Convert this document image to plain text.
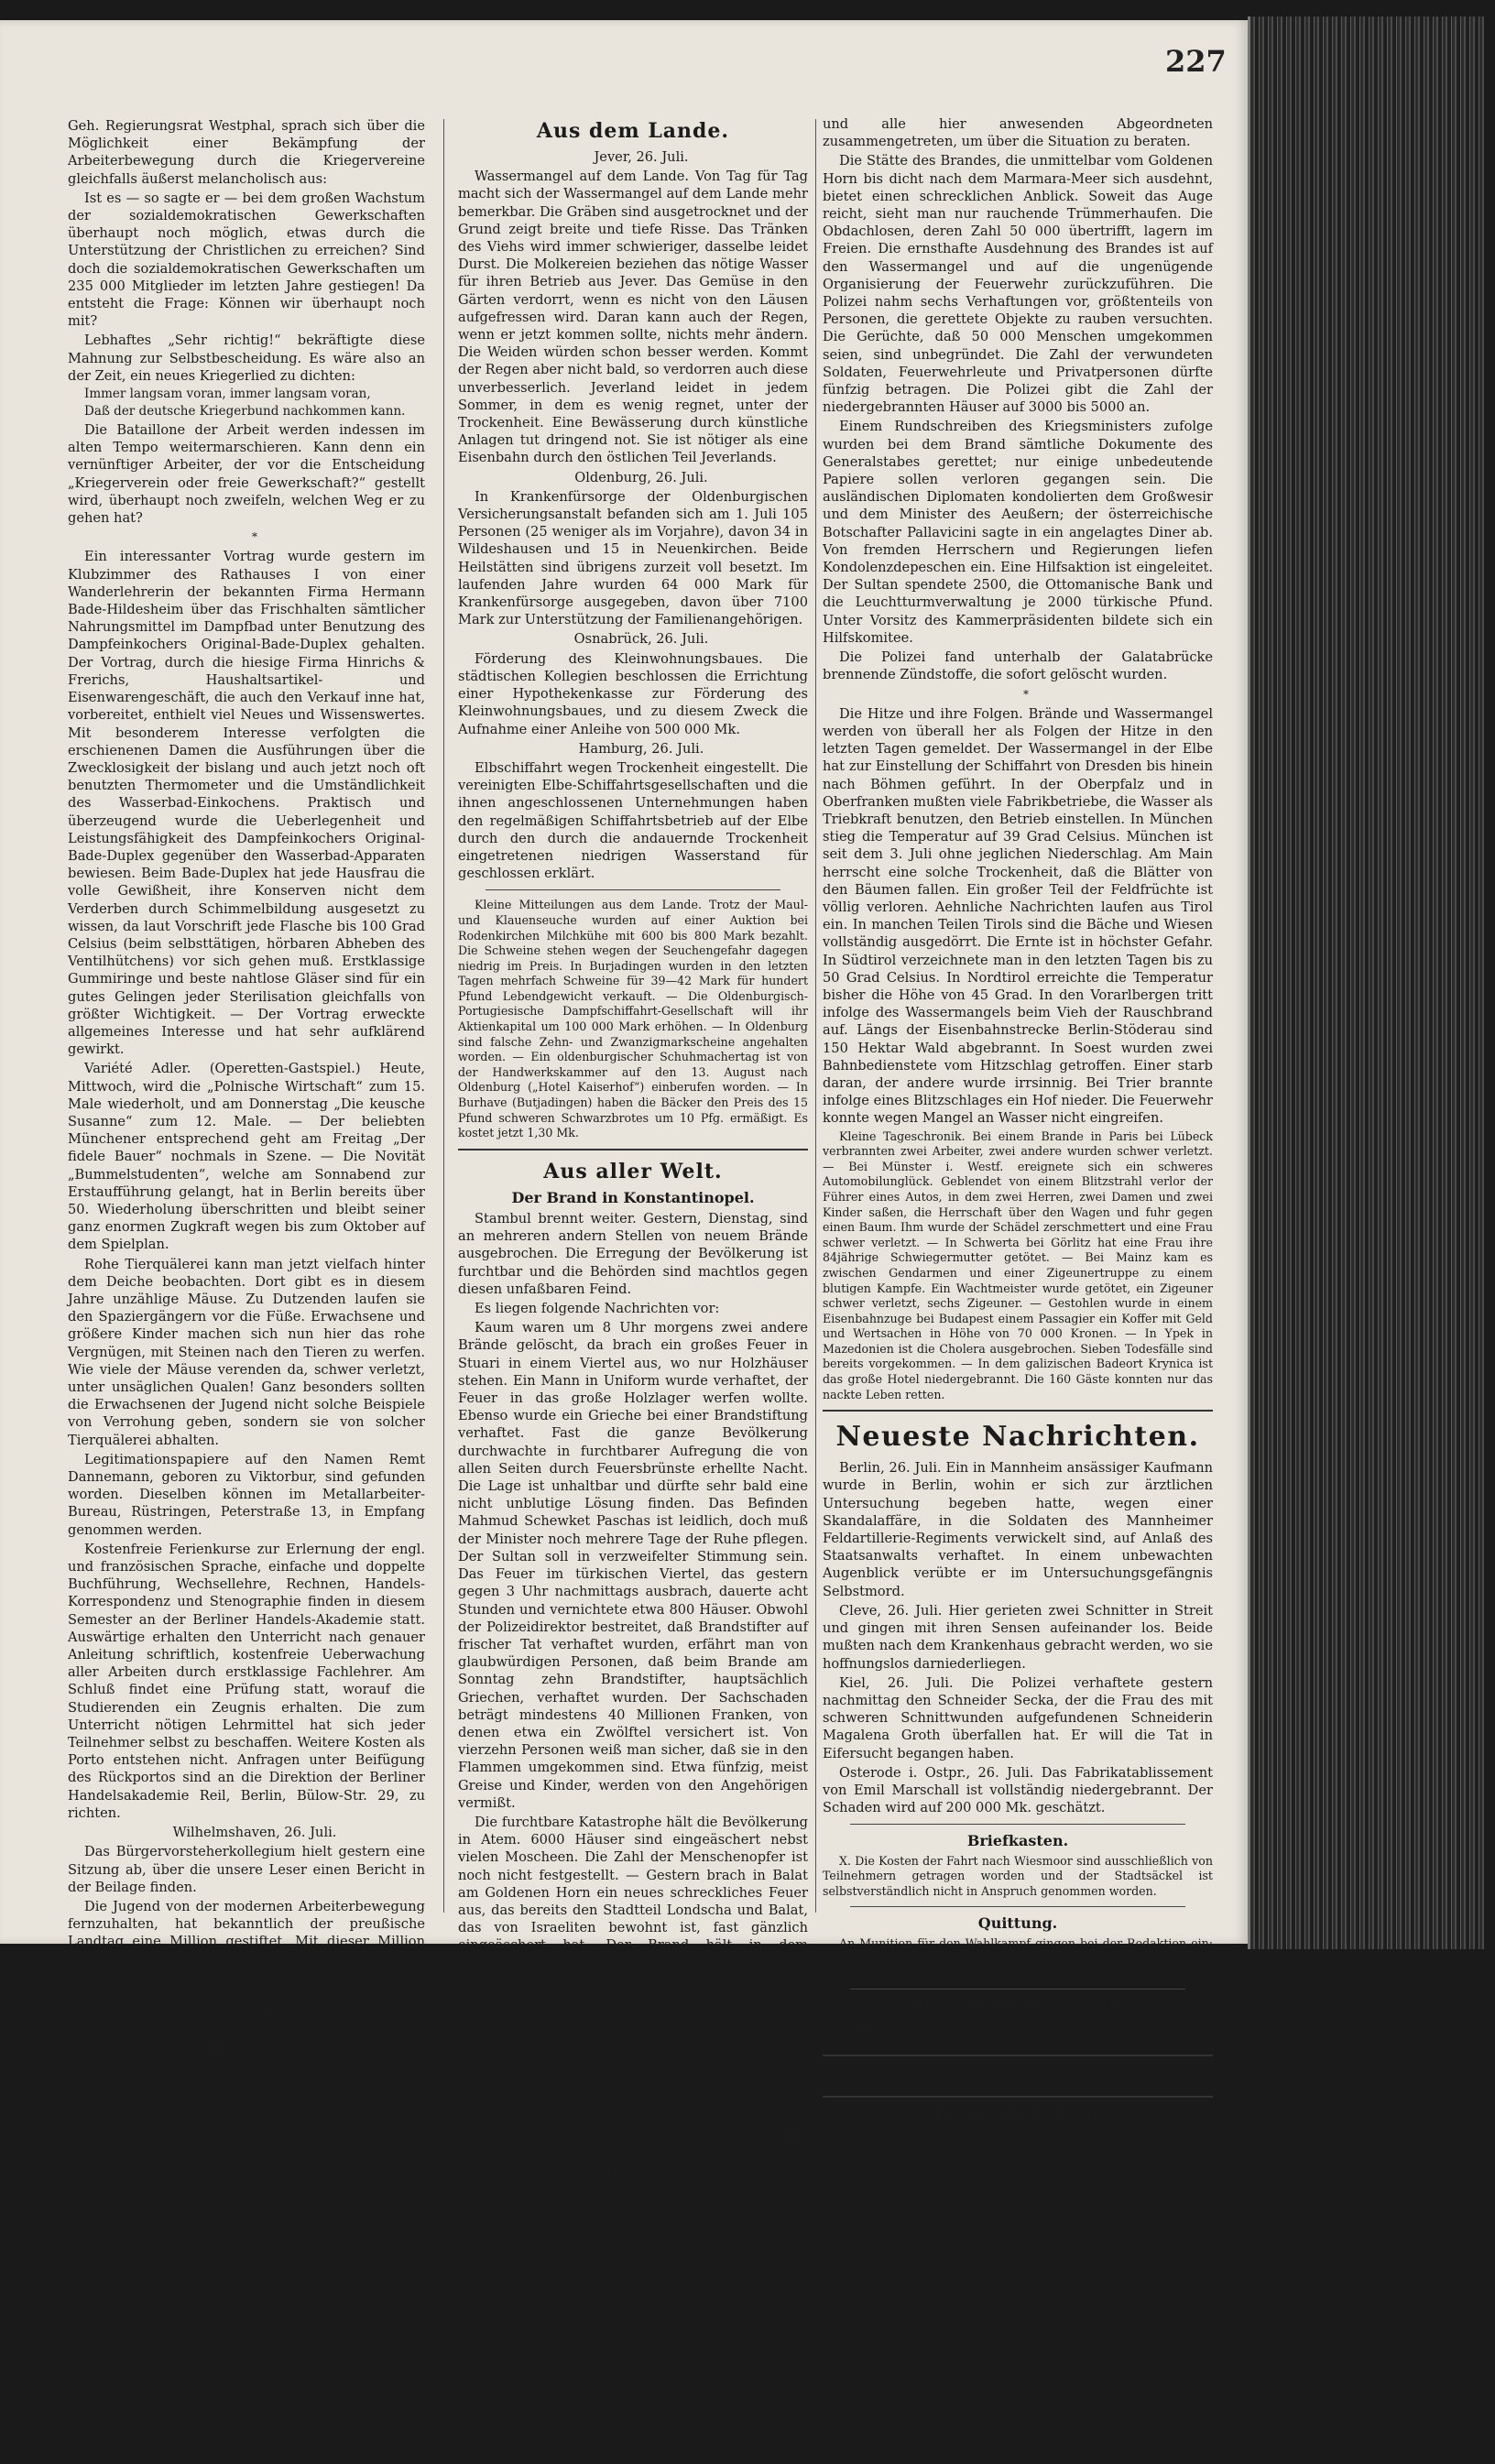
227

Geh. Regierungsrat Westphal, sprach sich über die Möglichkeit einer Bekämpfung der Arbeiterbewegung durch die Kriegervereine gleichfalls äußerst melancholisch aus:

Ist es — so sagte er — bei dem großen Wachstum der sozialdemokratischen Gewerkschaften überhaupt noch möglich, etwas durch die Unterstützung der Christlichen zu erreichen? Sind doch die sozialdemokratischen Gewerkschaften um 235 000 Mitglieder im letzten Jahre gestiegen! Da entsteht die Frage: Können wir überhaupt noch mit?

Lebhaftes „Sehr richtig!“ bekräftigte diese Mahnung zur Selbstbescheidung. Es wäre also an der Zeit, ein neues Kriegerlied zu dichten:

Immer langsam voran, immer langsam voran,

Daß der deutsche Kriegerbund nachkommen kann.

Die Bataillone der Arbeit werden indessen im alten Tempo weitermarschieren. Kann denn ein vernünftiger Arbeiter, der vor die Entscheidung „Kriegerverein oder freie Gewerkschaft?“ gestellt wird, überhaupt noch zweifeln, welchen Weg er zu gehen hat?

*

Ein interessanter Vortrag wurde gestern im Klubzimmer des Rathauses I von einer Wanderlehrerin der bekannten Firma Hermann Bade-Hildesheim über das Frischhalten sämtlicher Nahrungsmittel im Dampfbad unter Benutzung des Dampfeinkochers Original-Bade-Duplex gehalten. Der Vortrag, durch die hiesige Firma Hinrichs & Frerichs, Haushaltsartikel- und Eisenwarengeschäft, die auch den Verkauf inne hat, vorbereitet, enthielt viel Neues und Wissenswertes. Mit besonderem Interesse verfolgten die erschienenen Damen die Ausführungen über die Zwecklosigkeit der bislang und auch jetzt noch oft benutzten Thermometer und die Umständlichkeit des Wasserbad-Einkochens. Praktisch und überzeugend wurde die Ueberlegenheit und Leistungsfähigkeit des Dampfeinkochers Original-Bade-Duplex gegenüber den Wasserbad-Apparaten bewiesen. Beim Bade-Duplex hat jede Hausfrau die volle Gewißheit, ihre Konserven nicht dem Verderben durch Schimmelbildung ausgesetzt zu wissen, da laut Vorschrift jede Flasche bis 100 Grad Celsius (beim selbsttätigen, hörbaren Abheben des Ventilhütchens) vor sich gehen muß. Erstklassige Gummiringe und beste nahtlose Gläser sind für ein gutes Gelingen jeder Sterilisation gleichfalls von größter Wichtigkeit. — Der Vortrag erweckte allgemeines Interesse und hat sehr aufklärend gewirkt.

Variété Adler. (Operetten-Gastspiel.) Heute, Mittwoch, wird die „Polnische Wirtschaft“ zum 15. Male wiederholt, und am Donnerstag „Die keusche Susanne“ zum 12. Male. — Der beliebten Münchener entsprechend geht am Freitag „Der fidele Bauer“ nochmals in Szene. — Die Novität „Bummelstudenten“, welche am Sonnabend zur Erstaufführung gelangt, hat in Berlin bereits über 50. Wiederholung überschritten und bleibt seiner ganz enormen Zugkraft wegen bis zum Oktober auf dem Spielplan.

Rohe Tierquälerei kann man jetzt vielfach hinter dem Deiche beobachten. Dort gibt es in diesem Jahre unzählige Mäuse. Zu Dutzenden laufen sie den Spaziergängern vor die Füße. Erwachsene und größere Kinder machen sich nun hier das rohe Vergnügen, mit Steinen nach den Tieren zu werfen. Wie viele der Mäuse verenden da, schwer verletzt, unter unsäglichen Qualen! Ganz besonders sollten die Erwachsenen der Jugend nicht solche Beispiele von Verrohung geben, sondern sie von solcher Tierquälerei abhalten.

Legitimationspapiere auf den Namen Remt Dannemann, geboren zu Viktorbur, sind gefunden worden. Dieselben können im Metallarbeiter-Bureau, Rüstringen, Peterstraße 13, in Empfang genommen werden.

Kostenfreie Ferienkurse zur Erlernung der engl. und französischen Sprache, einfache und doppelte Buchführung, Wechsellehre, Rechnen, Handels-Korrespondenz und Stenographie finden in diesem Semester an der Berliner Handels-Akademie statt. Auswärtige erhalten den Unterricht nach genauer Anleitung schriftlich, kostenfreie Ueberwachung aller Arbeiten durch erstklassige Fachlehrer. Am Schluß findet eine Prüfung statt, worauf die Studierenden ein Zeugnis erhalten. Die zum Unterricht nötigen Lehrmittel hat sich jeder Teilnehmer selbst zu beschaffen. Weitere Kosten als Porto entstehen nicht. Anfragen unter Beifügung des Rückportos sind an die Direktion der Berliner Handelsakademie Reil, Berlin, Bülow-Str. 29, zu richten.

Wilhelmshaven, 26. Juli.

Das Bürgervorsteherkollegium hielt gestern eine Sitzung ab, über die unsere Leser einen Bericht in der Beilage finden.

Die Jugend von der modernen Arbeiterbewegung fernzuhalten, hat bekanntlich der preußische Landtag eine Million gestiftet. Mit dieser Million soll die „Jugendpflege“ einheitlich organisiert werden. Die Organisation ist so gedacht: An den einzelnen Orten bilden sich Ortsausschüsse, die wieder im Kreisausschuß Hand in Hand gehen. Darüber steht der Bezirksausschuß für den ganzen Regierungsbezirk. Auf den Regierungsbezirk Aurich entfallen von der Million 7500 Mk. Um diese Summe mit vermöblen zu helfen, waren hier am Montag die Vereine, welche Jugendpflege betreiben, vom Bürgermeister nach dem Rathaussitzungssaale berufen worden. Es wurde auch ein Ortsausschuß gegründet. — Wir können hier wahrlich nicht über Mangel an Jugendpflege klagen.

Der vom Turm der katholischen Kirche gestürzte Dachdecker hat glücklicherweise sein Leben nicht eingebüßt, sondern er ist wieder zu sich gekommen und befindet sich aller Voraussicht nach außer Lebensgefahr.

20 000 Mark für erfinderische Eisenbahnbeamte. Nach dem soeben erschienenen Bericht haben für das abgelaufene Rechnungsjahr aus den im Etat der preußischen Staatsbahnverwaltung bereitgestellten Mitteln, die für nützliche Erfindungen von Eisenbahnbeamten vorgesehen sind, 52 Beamte und Arbeiter der Staatsbahnverwaltung Belohnungen im Gesamtwerte von 20 000 Mark für Erfindungen und Verbesserungen, die zur Erhöhung der Betriebssicherheit oder Wirtschaftlichkeit beitragen, erhalten.

Aus dem Lande.

Jever, 26. Juli.

Wassermangel auf dem Lande. Von Tag für Tag macht sich der Wassermangel auf dem Lande mehr bemerkbar. Die Gräben sind ausgetrocknet und der Grund zeigt breite und tiefe Risse. Das Tränken des Viehs wird immer schwieriger, dasselbe leidet Durst. Die Molkereien beziehen das nötige Wasser für ihren Betrieb aus Jever. Das Gemüse in den Gärten verdorrt, wenn es nicht von den Läusen aufgefressen wird. Daran kann auch der Regen, wenn er jetzt kommen sollte, nichts mehr ändern. Die Weiden würden schon besser werden. Kommt der Regen aber nicht bald, so verdorren auch diese unverbesserlich. Jeverland leidet in jedem Sommer, in dem es wenig regnet, unter der Trockenheit. Eine Bewässerung durch künstliche Anlagen tut dringend not. Sie ist nötiger als eine Eisenbahn durch den östlichen Teil Jeverlands.

Oldenburg, 26. Juli.

In Krankenfürsorge der Oldenburgischen Versicherungsanstalt befanden sich am 1. Juli 105 Personen (25 weniger als im Vorjahre), davon 34 in Wildeshausen und 15 in Neuenkirchen. Beide Heilstätten sind übrigens zurzeit voll besetzt. Im laufenden Jahre wurden 64 000 Mark für Krankenfürsorge ausgegeben, davon über 7100 Mark zur Unterstützung der Familienangehörigen.

Osnabrück, 26. Juli.

Förderung des Kleinwohnungsbaues. Die städtischen Kollegien beschlossen die Errichtung einer Hypothekenkasse zur Förderung des Kleinwohnungsbaues, und zu diesem Zweck die Aufnahme einer Anleihe von 500 000 Mk.

Hamburg, 26. Juli.

Elbschiffahrt wegen Trockenheit eingestellt. Die vereinigten Elbe-Schiffahrtsgesellschaften und die ihnen angeschlossenen Unternehmungen haben den regelmäßigen Schiffahrtsbetrieb auf der Elbe durch den durch die andauernde Trockenheit eingetretenen niedrigen Wasserstand für geschlossen erklärt.

Kleine Mitteilungen aus dem Lande. Trotz der Maul- und Klauenseuche wurden auf einer Auktion bei Rodenkirchen Milchkühe mit 600 bis 800 Mark bezahlt. Die Schweine stehen wegen der Seuchengefahr dagegen niedrig im Preis. In Burjadingen wurden in den letzten Tagen mehrfach Schweine für 39—42 Mark für hundert Pfund Lebendgewicht verkauft. — Die Oldenburgisch-Portugiesische Dampfschiffahrt-Gesellschaft will ihr Aktienkapital um 100 000 Mark erhöhen. — In Oldenburg sind falsche Zehn- und Zwanzigmarkscheine angehalten worden. — Ein oldenburgischer Schuhmachertag ist von der Handwerkskammer auf den 13. August nach Oldenburg („Hotel Kaiserhof“) einberufen worden. — In Burhave (Butjadingen) haben die Bäcker den Preis des 15 Pfund schweren Schwarzbrotes um 10 Pfg. ermäßigt. Es kostet jetzt 1,30 Mk.

Aus aller Welt.
Der Brand in Konstantinopel.

Stambul brennt weiter. Gestern, Dienstag, sind an mehreren andern Stellen von neuem Brände ausgebrochen. Die Erregung der Bevölkerung ist furchtbar und die Behörden sind machtlos gegen diesen unfaßbaren Feind.

Es liegen folgende Nachrichten vor:

Kaum waren um 8 Uhr morgens zwei andere Brände gelöscht, da brach ein großes Feuer in Stuari in einem Viertel aus, wo nur Holzhäuser stehen. Ein Mann in Uniform wurde verhaftet, der Feuer in das große Holzlager werfen wollte. Ebenso wurde ein Grieche bei einer Brandstiftung verhaftet. Fast die ganze Bevölkerung durchwachte in furchtbarer Aufregung die von allen Seiten durch Feuersbrünste erhellte Nacht. Die Lage ist unhaltbar und dürfte sehr bald eine nicht unblutige Lösung finden. Das Befinden Mahmud Schewket Paschas ist leidlich, doch muß der Minister noch mehrere Tage der Ruhe pflegen. Der Sultan soll in verzweifelter Stimmung sein. Das Feuer im türkischen Viertel, das gestern gegen 3 Uhr nachmittags ausbrach, dauerte acht Stunden und vernichtete etwa 800 Häuser. Obwohl der Polizeidirektor bestreitet, daß Brandstifter auf frischer Tat verhaftet wurden, erfährt man von glaubwürdigen Personen, daß beim Brande am Sonntag zehn Brandstifter, hauptsächlich Griechen, verhaftet wurden. Der Sachschaden beträgt mindestens 40 Millionen Franken, von denen etwa ein Zwölftel versichert ist. Von vierzehn Personen weiß man sicher, daß sie in den Flammen umgekommen sind. Etwa fünfzig, meist Greise und Kinder, werden von den Angehörigen vermißt.

Die furchtbare Katastrophe hält die Bevölkerung in Atem. 6000 Häuser sind eingeäschert nebst vielen Moscheen. Die Zahl der Menschenopfer ist noch nicht festgestellt. — Gestern brach in Balat am Goldenen Horn ein neues schreckliches Feuer aus, das bereits den Stadtteil Londscha und Balat, das von Israeliten bewohnt ist, fast gänzlich eingeäschert hat. Der Brand hält in dem Kirchenviertel an und scheint noch furchtbarere Dimensionen anzunehmen als der vorgestrige Brand. Das Feuer steigt von Meer die Hügel hinauf bis zum Adrianopler Tor. Das Feuer schlägt die byzantinischen Mauern überschreitend in den dort befindlichen Friedhof mit seinem Zypressenwald. Die Ordnung in der Stadt wird durch die sogenannte Kavalleriepatrouillen hergestellt. Die Bevölkerung glaubt fest an Brandstiftung. Die Geschäftsinhaber in Galata schlossen schon gegen sechs Uhr die Läden aus Furcht vor Unruhen. Da die Regierung scheint solche zu fürchten, denn ein außerordentlicher Ministerrat beschloß die Verschärfung des Belagerungszustandes.

Das neue Großfeuer in Balat ist offenbar gleichfalls von verbrecherischer Hand angelegt, um eine auf die bisher verschonte Seite von Stambul zu vernichten. Ein starker Wind begünstigte das Umsichgreifen des Feuers. Die Regierung steht den Brandstiftungen machtlos gegenüber. Die Bevölkerung ist in kopfloser Aufregung. Schon werden Stimmen laut, die sich dabei, gegen das sich die Brandstiftungen richteten, müsse sich persönlich der Minister nach ihr geben. Eben sind im Parlament die Minister Stadt zu retten. Eben sind im Parlament die Minister

und alle hier anwesenden Abgeordneten zusammengetreten, um über die Situation zu beraten.

Die Stätte des Brandes, die unmittelbar vom Goldenen Horn bis dicht nach dem Marmara-Meer sich ausdehnt, bietet einen schrecklichen Anblick. Soweit das Auge reicht, sieht man nur rauchende Trümmerhaufen. Die Obdachlosen, deren Zahl 50 000 übertrifft, lagern im Freien. Die ernsthafte Ausdehnung des Brandes ist auf den Wassermangel und auf die ungenügende Organisierung der Feuerwehr zurückzuführen. Die Polizei nahm sechs Verhaftungen vor, größtenteils von Personen, die gerettete Objekte zu rauben versuchten. Die Gerüchte, daß 50 000 Menschen umgekommen seien, sind unbegründet. Die Zahl der verwundeten Soldaten, Feuerwehrleute und Privatpersonen dürfte fünfzig betragen. Die Polizei gibt die Zahl der niedergebrannten Häuser auf 3000 bis 5000 an.

Einem Rundschreiben des Kriegsministers zufolge wurden bei dem Brand sämtliche Dokumente des Generalstabes gerettet; nur einige unbedeutende Papiere sollen verloren gegangen sein. Die ausländischen Diplomaten kondolierten dem Großwesir und dem Minister des Aeußern; der österreichische Botschafter Pallavicini sagte in ein angelagtes Diner ab. Von fremden Herrschern und Regierungen liefen Kondolenzdepeschen ein. Eine Hilfsaktion ist eingeleitet. Der Sultan spendete 2500, die Ottomanische Bank und die Leuchtturmverwaltung je 2000 türkische Pfund. Unter Vorsitz des Kammerpräsidenten bildete sich ein Hilfskomitee.

Die Polizei fand unterhalb der Galatabrücke brennende Zündstoffe, die sofort gelöscht wurden.

*

Die Hitze und ihre Folgen. Brände und Wassermangel werden von überall her als Folgen der Hitze in den letzten Tagen gemeldet. Der Wassermangel in der Elbe hat zur Einstellung der Schiffahrt von Dresden bis hinein nach Böhmen geführt. In der Oberpfalz und in Oberfranken mußten viele Fabrikbetriebe, die Wasser als Triebkraft benutzen, den Betrieb einstellen. In München stieg die Temperatur auf 39 Grad Celsius. München ist seit dem 3. Juli ohne jeglichen Niederschlag. Am Main herrscht eine solche Trockenheit, daß die Blätter von den Bäumen fallen. Ein großer Teil der Feldfrüchte ist völlig verloren. Aehnliche Nachrichten laufen aus Tirol ein. In manchen Teilen Tirols sind die Bäche und Wiesen vollständig ausgedörrt. Die Ernte ist in höchster Gefahr. In Südtirol verzeichnete man in den letzten Tagen bis zu 50 Grad Celsius. In Nordtirol erreichte die Temperatur bisher die Höhe von 45 Grad. In den Vorarlbergen tritt infolge des Wassermangels beim Vieh der Rauschbrand auf. Längs der Eisenbahnstrecke Berlin-Stöderau sind 150 Hektar Wald abgebrannt. In Soest wurden zwei Bahnbedienstete vom Hitzschlag getroffen. Einer starb daran, der andere wurde irrsinnig. Bei Trier brannte infolge eines Blitzschlages ein Hof nieder. Die Feuerwehr konnte wegen Mangel an Wasser nicht eingreifen.

Kleine Tageschronik. Bei einem Brande in Paris bei Lübeck verbrannten zwei Arbeiter, zwei andere wurden schwer verletzt. — Bei Münster i. Westf. ereignete sich ein schweres Automobilunglück. Geblendet von einem Blitzstrahl verlor der Führer eines Autos, in dem zwei Herren, zwei Damen und zwei Kinder saßen, die Herrschaft über den Wagen und fuhr gegen einen Baum. Ihm wurde der Schädel zerschmettert und eine Frau schwer verletzt. — In Schwerta bei Görlitz hat eine Frau ihre 84jährige Schwiegermutter getötet. — Bei Mainz kam es zwischen Gendarmen und einer Zigeunertruppe zu einem blutigen Kampfe. Ein Wachtmeister wurde getötet, ein Zigeuner schwer verletzt, sechs Zigeuner. — Gestohlen wurde in einem Eisenbahnzuge bei Budapest einem Passagier ein Koffer mit Geld und Wertsachen in Höhe von 70 000 Kronen. — In Ypek in Mazedonien ist die Cholera ausgebrochen. Sieben Todesfälle sind bereits vorgekommen. — In dem galizischen Badeort Krynica ist das große Hotel niedergebrannt. Die 160 Gäste konnten nur das nackte Leben retten.

Neueste Nachrichten.

Berlin, 26. Juli. Ein in Mannheim ansässiger Kaufmann wurde in Berlin, wohin er sich zur ärztlichen Untersuchung begeben hatte, wegen einer Skandalaffäre, in die Soldaten des Mannheimer Feldartillerie-Regiments verwickelt sind, auf Anlaß des Staatsanwalts verhaftet. In einem unbewachten Augenblick verübte er im Untersuchungsgefängnis Selbstmord.

Cleve, 26. Juli. Hier gerieten zwei Schnitter in Streit und gingen mit ihren Sensen aufeinander los. Beide mußten nach dem Krankenhaus gebracht werden, wo sie hoffnungslos darniederliegen.

Kiel, 26. Juli. Die Polizei verhaftete gestern nachmittag den Schneider Secka, der die Frau des mit schweren Schnittwunden aufgefundenen Schneiderin Magalena Groth überfallen hat. Er will die Tat in Eifersucht begangen haben.

Osterode i. Ostpr., 26. Juli. Das Fabrikatablissement von Emil Marschall ist vollständig niedergebrannt. Der Schaden wird auf 200 000 Mk. geschätzt.

Briefkasten.

X. Die Kosten der Fahrt nach Wiesmoor sind ausschließlich von Teilnehmern getragen worden und der Stadtsäckel ist selbstverständlich nicht in Anspruch genommen worden.

Quittung.

An Munition für den Wahlkampf gingen bei der Redaktion ein: nachträglich 4,20 Mark, gesammelt auf dem Vergnügen des Bauarbeiter-Verbandes Wilhelmshaven-Rüstringen.

Wetterbericht für den 27. Juli.

Warm, ruhig, wechselnde Bewölkung, keine oder geringe Niederschläge, strichweise Gewitter.

Verantwortlicher Redakteur: H. Jacob, Verlag von Paul Hug, Rotationsdruck von Paul Hug & Co. in Rüstringen.

Hierzu eine Beilage.
